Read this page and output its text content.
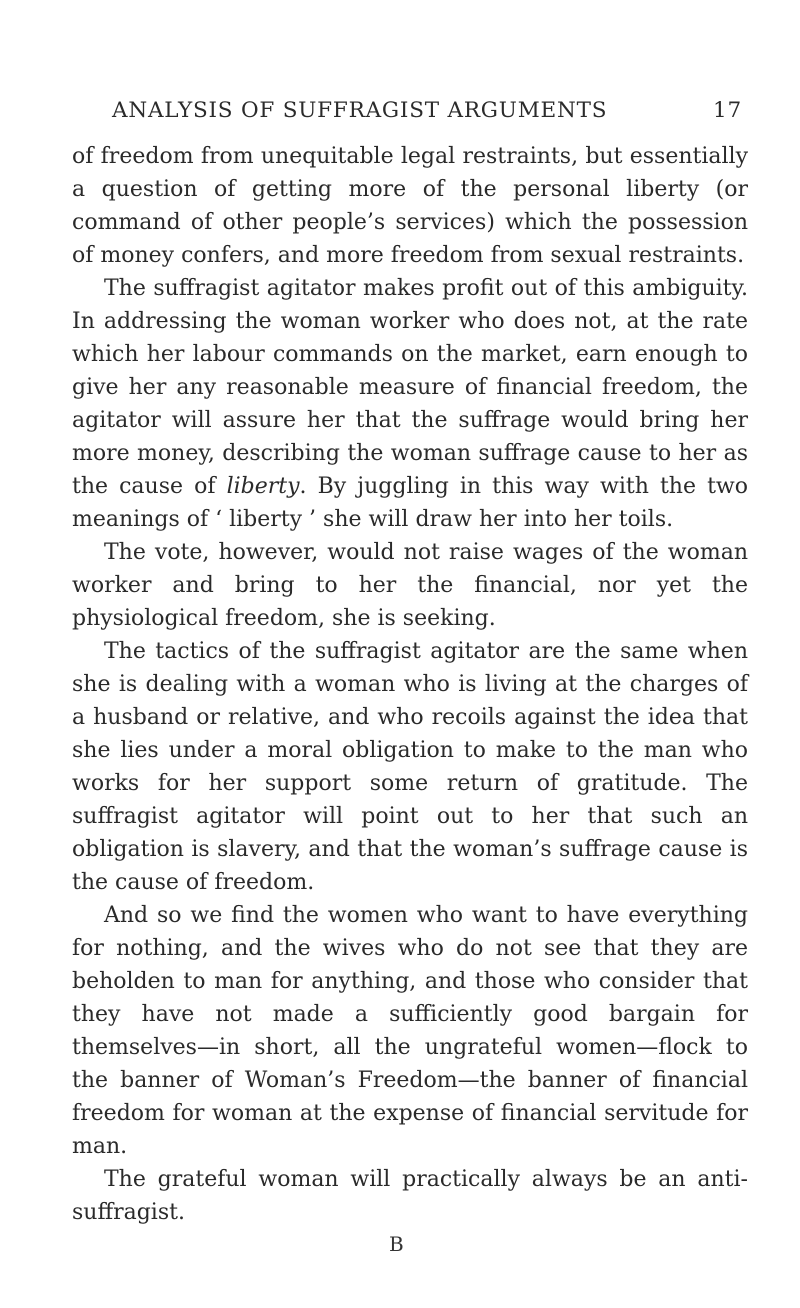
ANALYSIS OF SUFFRAGIST ARGUMENTS	17

of freedom from unequitable legal restraints, but essentially a question of getting more of the personal liberty (or command of other people’s services) which the possession of money confers, and more freedom from sexual restraints.

The suffragist agitator makes profit out of this ambiguity. In addressing the woman worker who does not, at the rate which her labour commands on the market, earn enough to give her any reasonable measure of financial freedom, the agitator will assure her that the suffrage would bring her more money, describing the woman suffrage cause to her as the cause of liberty. By juggling in this way with the two meanings of ‘ liberty ’ she will draw her into her toils.

The vote, however, would not raise wages of the woman worker and bring to her the financial, nor yet the physiological freedom, she is seeking.

The tactics of the suffragist agitator are the same when she is dealing with a woman who is living at the charges of a husband or relative, and who recoils against the idea that she lies under a moral obligation to make to the man who works for her support some return of gratitude. The suffragist agitator will point out to her that such an obligation is slavery, and that the woman’s suffrage cause is the cause of freedom.

And so we find the women who want to have everything for nothing, and the wives who do not see that they are beholden to man for anything, and those who consider that they have not made a sufficiently good bargain for themselves—in short, all the ungrateful women—flock to the banner of Woman’s Freedom—the banner of financial freedom for woman at the expense of financial servitude for man.

The grateful woman will practically always be an anti-suffragist.

B
